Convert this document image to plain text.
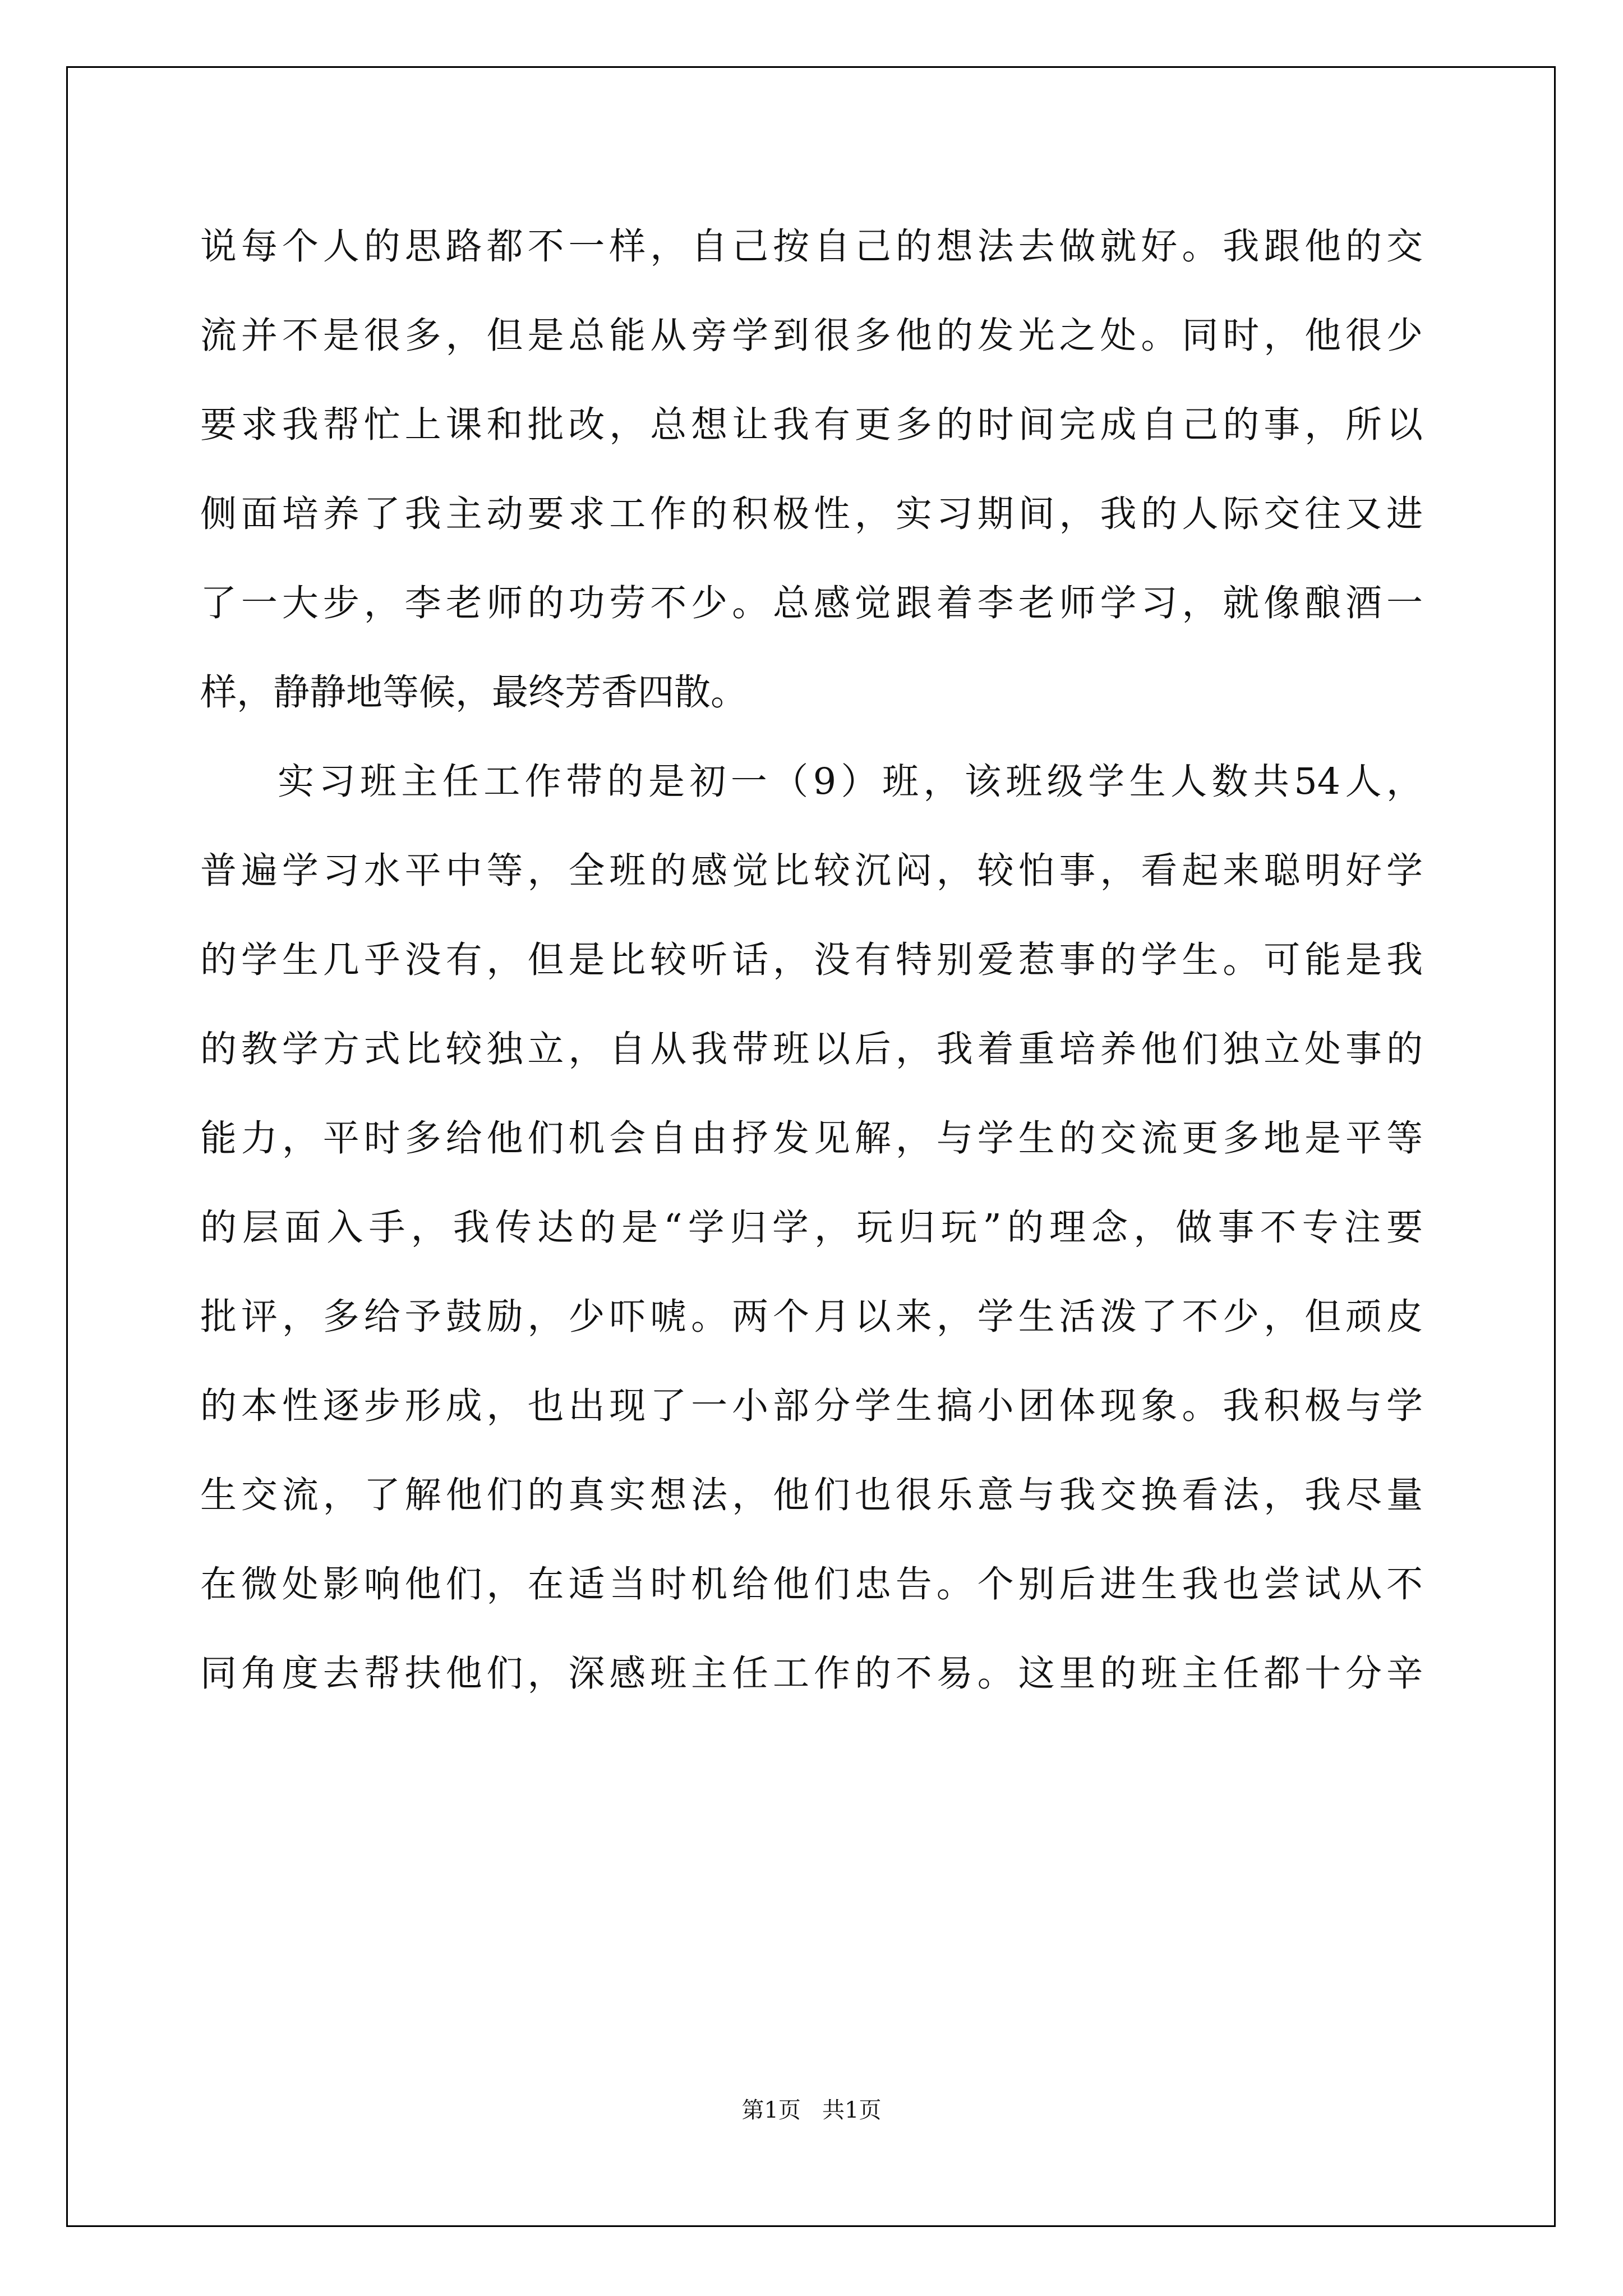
说每个人的思路都不一样，自己按自己的想法去做就好。我跟他的交
流并不是很多，但是总能从旁学到很多他的发光之处。同时，他很少
要求我帮忙上课和批改，总想让我有更多的时间完成自己的事，所以
侧面培养了我主动要求工作的积极性，实习期间，我的人际交往又进
了一大步，李老师的功劳不少。总感觉跟着李老师学习，就像酿酒一
样，静静地等候，最终芳香四散。
实习班主任工作带的是初一（9）班，该班级学生人数共54人，
普遍学习水平中等，全班的感觉比较沉闷，较怕事，看起来聪明好学
的学生几乎没有，但是比较听话，没有特别爱惹事的学生。可能是我
的教学方式比较独立，自从我带班以后，我着重培养他们独立处事的
能力，平时多给他们机会自由抒发见解，与学生的交流更多地是平等
的层面入手，我传达的是“学归学，玩归玩”的理念，做事不专注要
批评，多给予鼓励，少吓唬。两个月以来，学生活泼了不少，但顽皮
的本性逐步形成，也出现了一小部分学生搞小团体现象。我积极与学
生交流，了解他们的真实想法，他们也很乐意与我交换看法，我尽量
在微处影响他们，在适当时机给他们忠告。个别后进生我也尝试从不
同角度去帮扶他们，深感班主任工作的不易。这里的班主任都十分辛
第1页   共1页
